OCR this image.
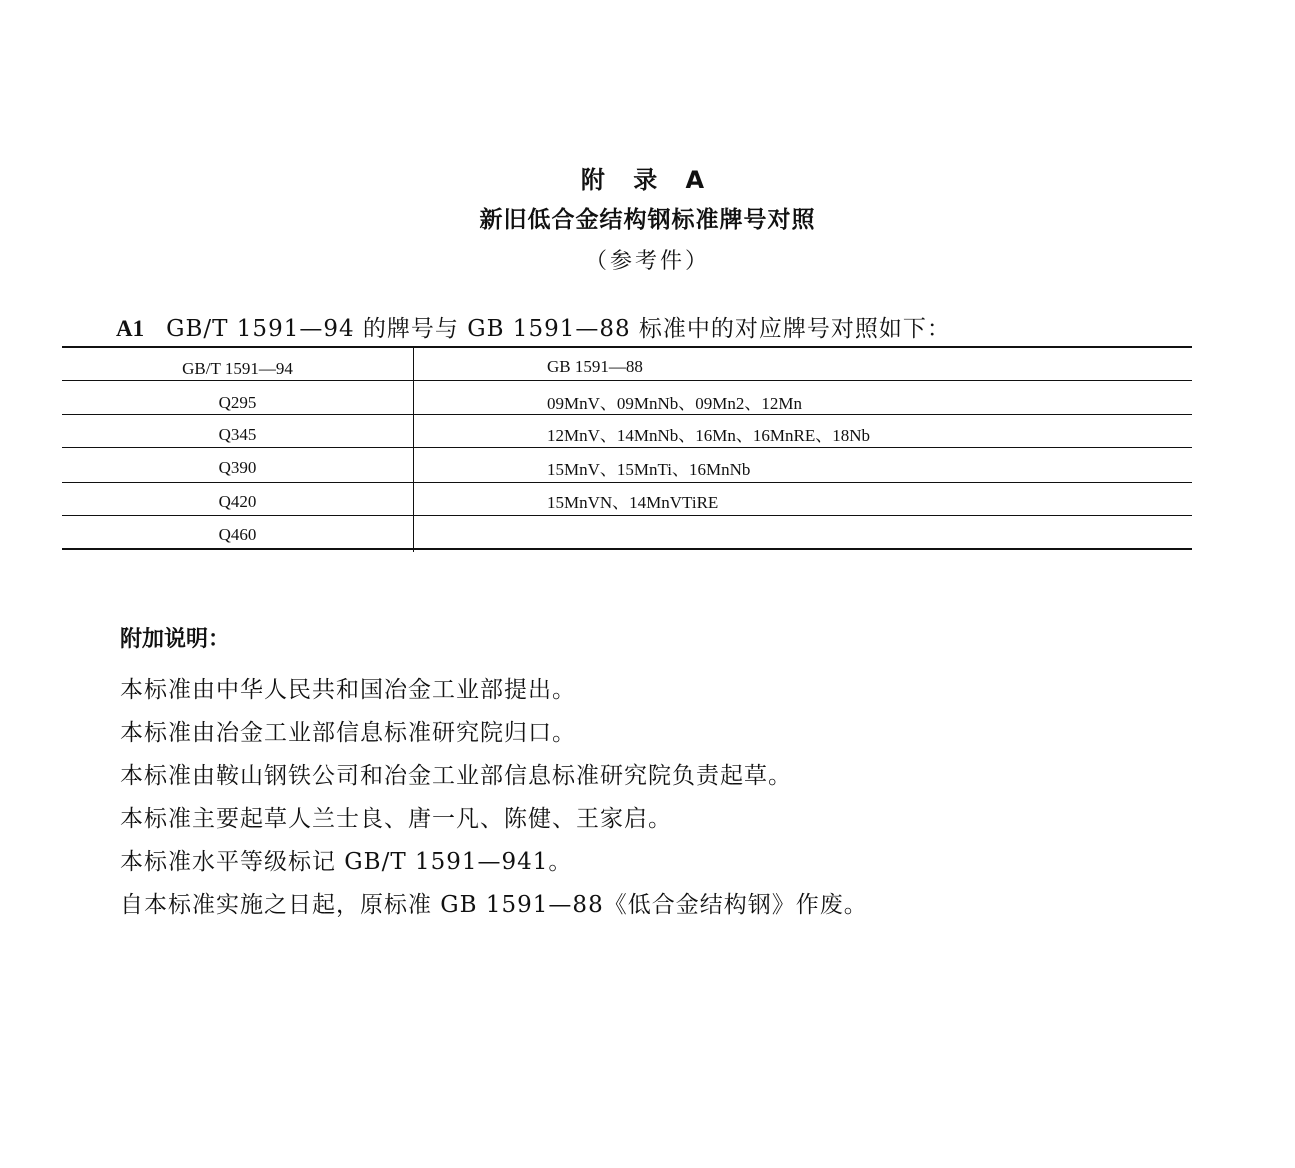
附 录 A
新旧低合金结构钢标准牌号对照
（参考件）
A1 GB/T 1591—94 的牌号与 GB 1591—88 标准中的对应牌号对照如下：
GB/T 1591—94	GB 1591—88
Q295	09MnV、09MnNb、09Mn2、12Mn
Q345	12MnV、14MnNb、16Mn、16MnRE、18Nb
Q390	15MnV、15MnTi、16MnNb
Q420	15MnVN、14MnVTiRE
Q460
附加说明：
本标准由中华人民共和国冶金工业部提出。
本标准由冶金工业部信息标准研究院归口。
本标准由鞍山钢铁公司和冶金工业部信息标准研究院负责起草。
本标准主要起草人兰士良、唐一凡、陈健、王家启。
本标准水平等级标记 GB/T 1591—941。
自本标准实施之日起，原标准 GB 1591—88《低合金结构钢》作废。
